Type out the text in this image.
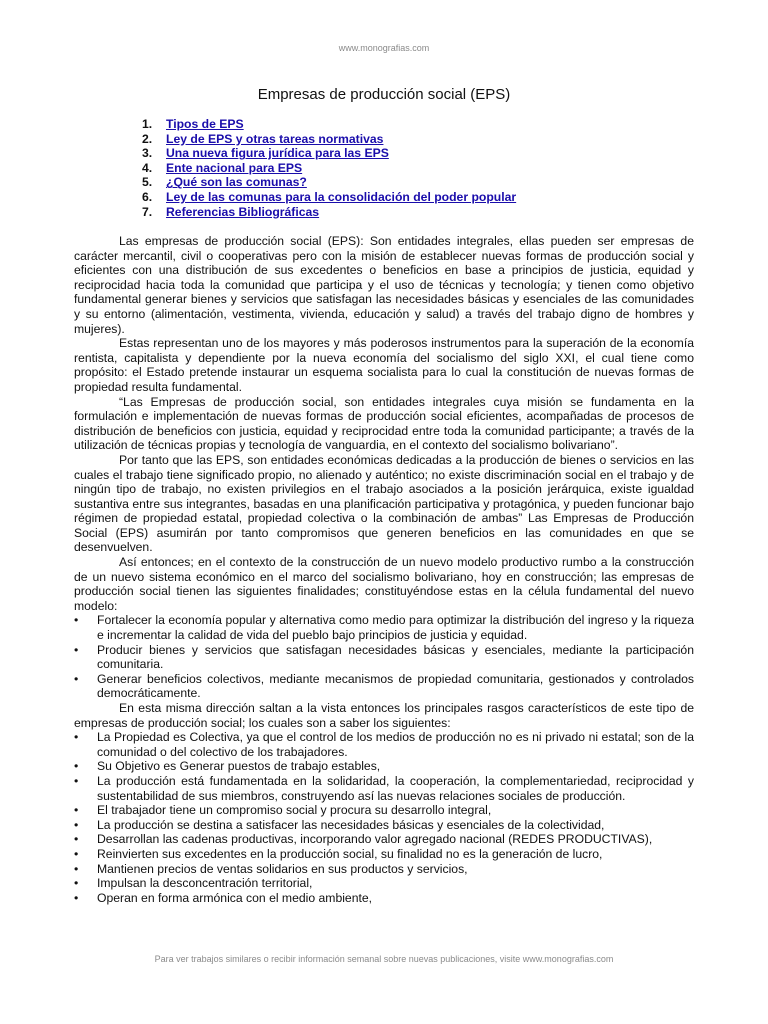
www.monografias.com
Empresas de producción social (EPS)
1. Tipos de EPS
2. Ley de EPS y otras tareas normativas
3. Una nueva figura jurídica para las EPS
4. Ente nacional para EPS
5. ¿Qué son las comunas?
6. Ley de las comunas para la consolidación del poder popular
7. Referencias Bibliográficas

Las empresas de producción social (EPS): Son entidades integrales, ellas pueden ser empresas de carácter mercantil, civil o cooperativas pero con la misión de establecer nuevas formas de producción social y eficientes con una distribución de sus excedentes o beneficios en base a principios de justicia, equidad y reciprocidad hacia toda la comunidad que participa y el uso de técnicas y tecnología; y tienen como objetivo fundamental generar bienes y servicios que satisfagan las necesidades básicas y esenciales de las comunidades y su entorno (alimentación, vestimenta, vivienda, educación y salud) a través del trabajo digno de hombres y mujeres).

Estas representan uno de los mayores y más poderosos instrumentos para la superación de la economía rentista, capitalista y dependiente por la nueva economía del socialismo del siglo XXI, el cual tiene como propósito: el Estado pretende instaurar un esquema socialista para lo cual la constitución de nuevas formas de propiedad resulta fundamental.

“Las Empresas de producción social, son entidades integrales cuya misión se fundamenta en la formulación e implementación de nuevas formas de producción social eficientes, acompañadas de procesos de distribución de beneficios con justicia, equidad y reciprocidad entre toda la comunidad participante; a través de la utilización de técnicas propias y tecnología de vanguardia, en el contexto del socialismo bolivariano”.

Por tanto que las EPS, son entidades económicas dedicadas a la producción de bienes o servicios en las cuales el trabajo tiene significado propio, no alienado y auténtico; no existe discriminación social en el trabajo y de ningún tipo de trabajo, no existen privilegios en el trabajo asociados a la posición jerárquica, existe igualdad sustantiva entre sus integrantes, basadas en una planificación participativa y protagónica, y pueden funcionar bajo régimen de propiedad estatal, propiedad colectiva o la combinación de ambas” Las Empresas de Producción Social (EPS) asumirán por tanto compromisos que generen beneficios en las comunidades en que se desenvuelven.

Así entonces; en el contexto de la construcción de un nuevo modelo productivo rumbo a la construcción de un nuevo sistema económico en el marco del socialismo bolivariano, hoy en construcción; las empresas de producción social tienen las siguientes finalidades; constituyéndose estas en la célula fundamental del nuevo modelo:

• Fortalecer la economía popular y alternativa como medio para optimizar la distribución del ingreso y la riqueza e incrementar la calidad de vida del pueblo bajo principios de justicia y equidad.
• Producir bienes y servicios que satisfagan necesidades básicas y esenciales, mediante la participación comunitaria.
• Generar beneficios colectivos, mediante mecanismos de propiedad comunitaria, gestionados y controlados democráticamente.

En esta misma dirección saltan a la vista entonces los principales rasgos característicos de este tipo de empresas de producción social; los cuales son a saber los siguientes:

• La Propiedad es Colectiva, ya que el control de los medios de producción no es ni privado ni estatal; son de la comunidad o del colectivo de los trabajadores.
• Su Objetivo es Generar puestos de trabajo estables,
• La producción está fundamentada en la solidaridad, la cooperación, la complementariedad, reciprocidad y sustentabilidad de sus miembros, construyendo así las nuevas relaciones sociales de producción.
• El trabajador tiene un compromiso social y procura su desarrollo integral,
• La producción se destina a satisfacer las necesidades básicas y esenciales de la colectividad,
• Desarrollan las cadenas productivas, incorporando valor agregado nacional (REDES PRODUCTIVAS),
• Reinvierten sus excedentes en la producción social, su finalidad no es la generación de lucro,
• Mantienen precios de ventas solidarios en sus productos y servicios,
• Impulsan la desconcentración territorial,
• Operan en forma armónica con el medio ambiente,
Para ver trabajos similares o recibir información semanal sobre nuevas publicaciones, visite www.monografias.com
